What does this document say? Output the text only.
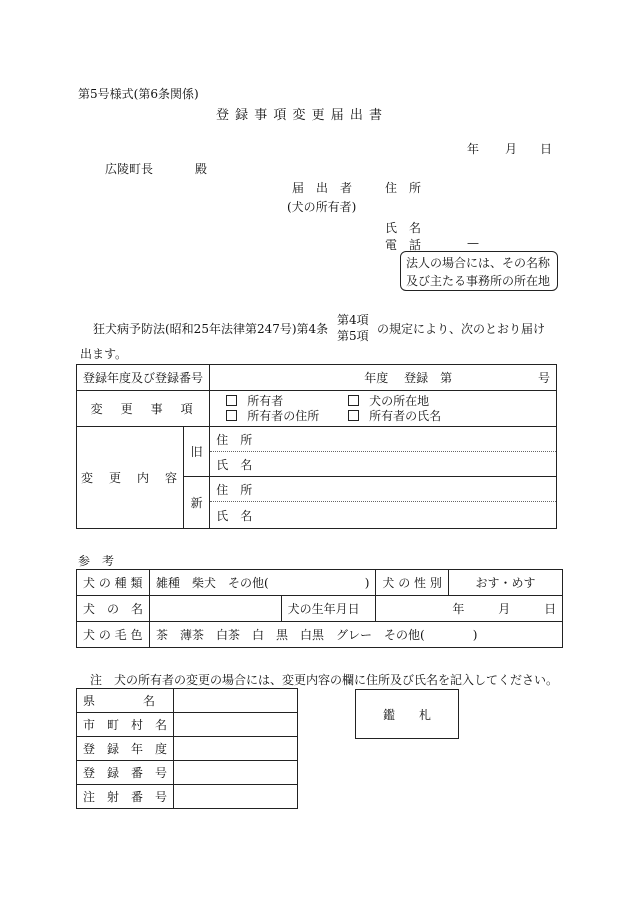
第5号様式(第6条関係)
登 録 事 項 変 更 届 出 書
年 月 日
広陵町長	殿
届　出　者	住　所
(犬の所有者)
氏　名
電　話	—
法人の場合には、その名称
及び主たる事務所の所在地
狂犬病予防法(昭和25年法律第247号)第4条
第4項
第5項 の規定により、次のとおり届け
出ます。
登録年度及び登録番号		年度 登録　第 号
変　更　事　項		所有者 犬の所在地
所有者の住所 所有者の氏名

変　更　内　容	旧	住　所
		氏　名
	新	住　所
		氏　名
参　考
犬 の 種 類	雑種　柴犬　その他(　　　　　　　　)		犬 の 性 別	おす・めす
犬　の　名		犬の生年月日	年 月 日	
犬 の 毛 色	茶　薄茶　白茶　白　黒　白黒　グレー　その他(　　　　)			
注　犬の所有者の変更の場合には、変更内容の欄に住所及び氏名を記入してください。
県　　　　名	
市　町　村　名	
登　録　年　度	
登　録　番　号	
注　射　番　号	
鑑　　札
